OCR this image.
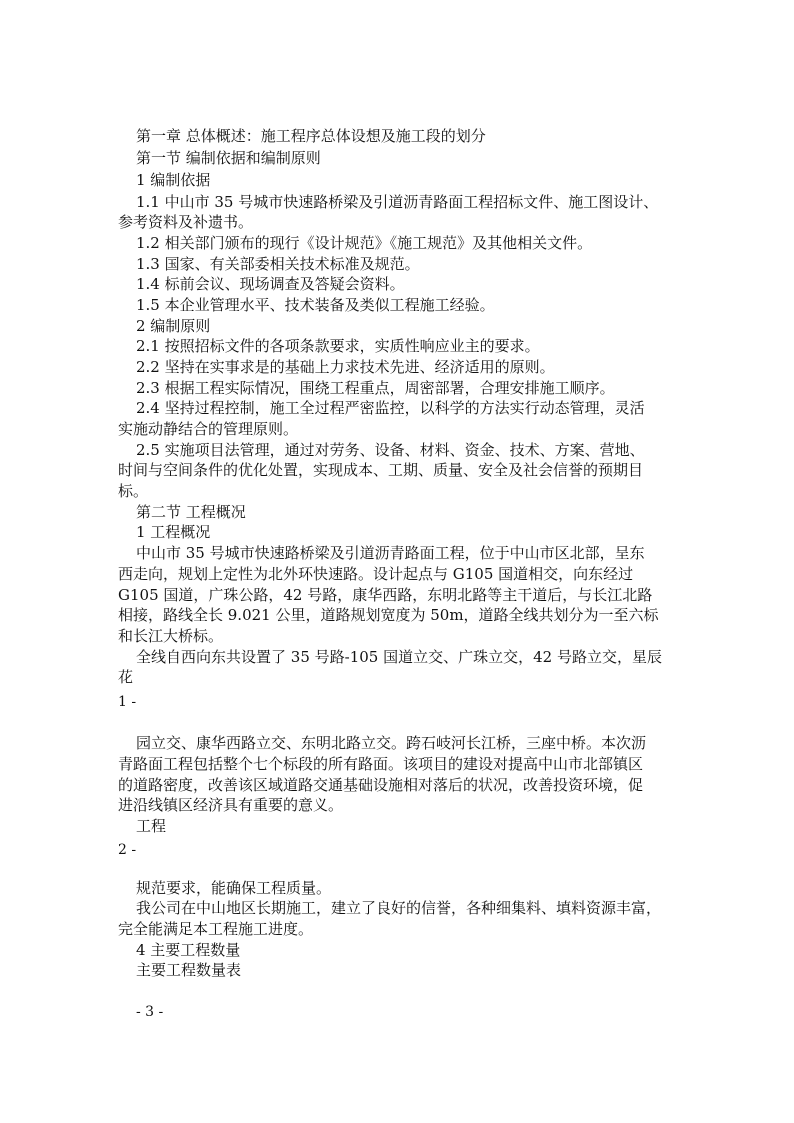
第一章 总体概述：施工程序总体设想及施工段的划分
第一节 编制依据和编制原则
1 编制依据
1.1 中山市 35 号城市快速路桥梁及引道沥青路面工程招标文件、施工图设计、
参考资料及补遗书。
1.2 相关部门颁布的现行《设计规范》《施工规范》及其他相关文件。
1.3 国家、有关部委相关技术标准及规范。
1.4 标前会议、现场调查及答疑会资料。
1.5 本企业管理水平、技术装备及类似工程施工经验。
2 编制原则
2.1 按照招标文件的各项条款要求，实质性响应业主的要求。
2.2 坚持在实事求是的基础上力求技术先进、经济适用的原则。
2.3 根据工程实际情况，围绕工程重点，周密部署，合理安排施工顺序。
2.4 坚持过程控制，施工全过程严密监控，以科学的方法实行动态管理，灵活
实施动静结合的管理原则。
2.5 实施项目法管理，通过对劳务、设备、材料、资金、技术、方案、营地、
时间与空间条件的优化处置，实现成本、工期、质量、安全及社会信誉的预期目
标。
第二节 工程概况
1 工程概况
中山市 35 号城市快速路桥梁及引道沥青路面工程，位于中山市区北部，呈东
西走向，规划上定性为北外环快速路。设计起点与 G105 国道相交，向东经过
G105 国道，广珠公路，42 号路，康华西路，东明北路等主干道后，与长江北路
相接，路线全长 9.021 公里，道路规划宽度为 50m，道路全线共划分为一至六标
和长江大桥标。
全线自西向东共设置了 35 号路-105 国道立交、广珠立交，42 号路立交，星辰
花
1 -
园立交、康华西路立交、东明北路立交。跨石岐河长江桥，三座中桥。本次沥
青路面工程包括整个七个标段的所有路面。该项目的建设对提高中山市北部镇区
的道路密度，改善该区域道路交通基础设施相对落后的状况，改善投资环境，促
进沿线镇区经济具有重要的意义。
工程
2 -
规范要求，能确保工程质量。
我公司在中山地区长期施工，建立了良好的信誉，各种细集料、填料资源丰富，
完全能满足本工程施工进度。
4 主要工程数量
主要工程数量表
- 3 -
